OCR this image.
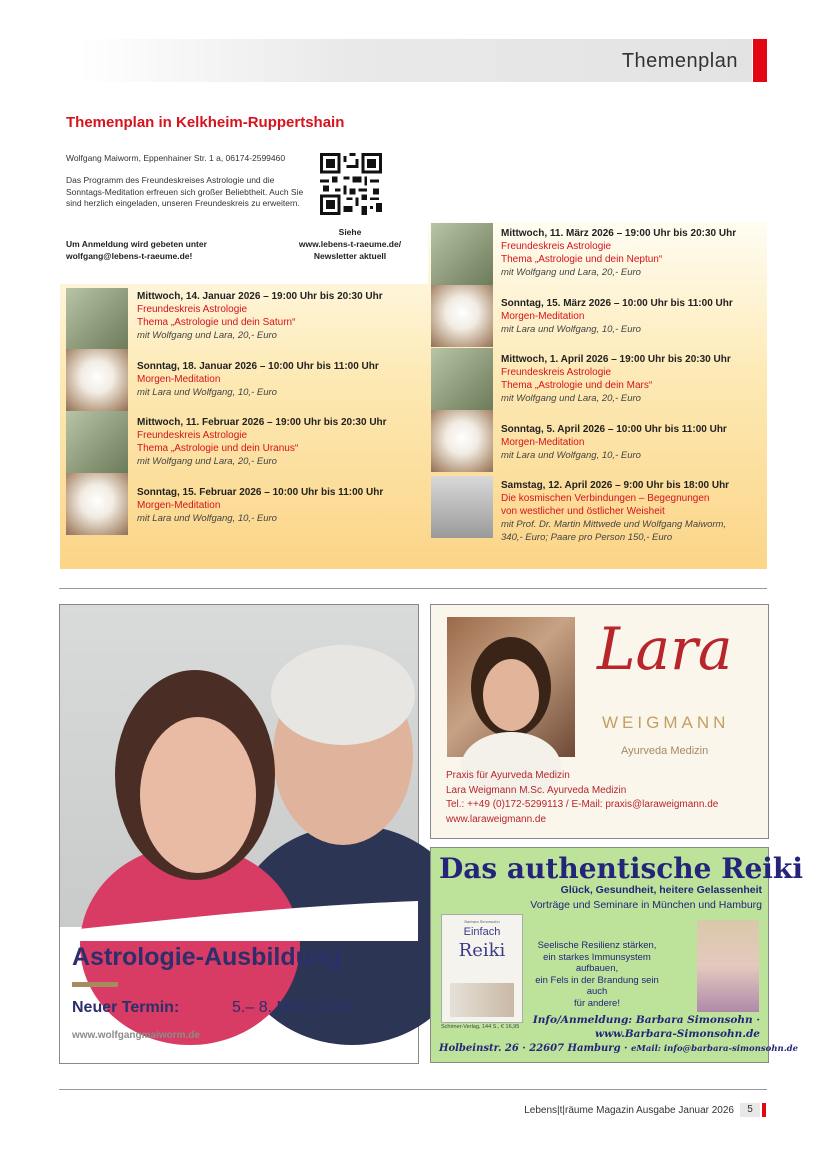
Themenplan
Themenplan in Kelkheim-Ruppertshain
Wolfgang Maiworm, Eppenhainer Str. 1 a, 06174-2599460
Das Programm des Freundeskreises Astrologie und die Sonntags-Meditation erfreuen sich großer Beliebtheit. Auch Sie sind herzlich eingeladen, unseren Freundeskreis zu erweitern.
Um Anmeldung wird gebeten unter
wolfgang@lebens-t-raeume.de!
Siehe
www.lebens-t-raeume.de/
Newsletter aktuell
Mittwoch, 14. Januar 2026 – 19:00 Uhr bis 20:30 Uhr
Freundeskreis Astrologie
Thema „Astrologie und dein Saturn“
mit Wolfgang und Lara, 20,- Euro
Sonntag, 18. Januar 2026 – 10:00 Uhr bis 11:00 Uhr
Morgen-Meditation
mit Lara und Wolfgang, 10,- Euro
Mittwoch, 11. Februar 2026 – 19:00 Uhr bis 20:30 Uhr
Freundeskreis Astrologie
Thema „Astrologie und dein Uranus“
mit Wolfgang und Lara, 20,- Euro
Sonntag, 15. Februar 2026 – 10:00 Uhr bis 11:00 Uhr
Morgen-Meditation
mit Lara und Wolfgang, 10,- Euro
Mittwoch, 11. März 2026 – 19:00 Uhr bis 20:30 Uhr
Freundeskreis Astrologie
Thema „Astrologie und dein Neptun“
mit Wolfgang und Lara, 20,- Euro
Sonntag, 15. März 2026 – 10:00 Uhr bis 11:00 Uhr
Morgen-Meditation
mit Lara und Wolfgang, 10,- Euro
Mittwoch, 1. April 2026 – 19:00 Uhr bis 20:30 Uhr
Freundeskreis Astrologie
Thema „Astrologie und dein Mars“
mit Wolfgang und Lara, 20,- Euro
Sonntag, 5. April 2026 – 10:00 Uhr bis 11:00 Uhr
Morgen-Meditation
mit Lara und Wolfgang, 10,- Euro
Samstag, 12. April 2026 – 9:00 Uhr bis 18:00 Uhr
Die kosmischen Verbindungen – Begegnungen
von westlicher und östlicher Weisheit
mit Prof. Dr. Martin Mittwede und Wolfgang Maiworm,
340,- Euro; Paare pro Person 150,- Euro
Astrologie-Ausbildung
Neuer Termin:	5.– 8. März 2026
www.wolfgangmaiworm.de
Lara
WEIGMANN
Ayurveda Medizin
Praxis für Ayurveda Medizin
Lara Weigmann M.Sc. Ayurveda Medizin
Tel.: ++49 (0)172-5299113 / E-Mail: praxis@laraweigmann.de
www.laraweigmann.de
Das authentische Reiki
Glück, Gesundheit, heitere Gelassenheit
Vorträge und Seminare in München und Hamburg
Barbara Simonsohn
Einfach
Reiki
Schirner-Verlag, 144 S., € 16,95
Seelische Resilienz stärken,
ein starkes Immunsystem aufbauen,
ein Fels in der Brandung sein auch
für andere!
Info/Anmeldung: Barbara Simonsohn ·
www.Barbara-Simonsohn.de
Holbeinstr. 26 · 22607 Hamburg · eMail: info@barbara-simonsohn.de
Lebens|t|räume Magazin Ausgabe Januar 2026	5
